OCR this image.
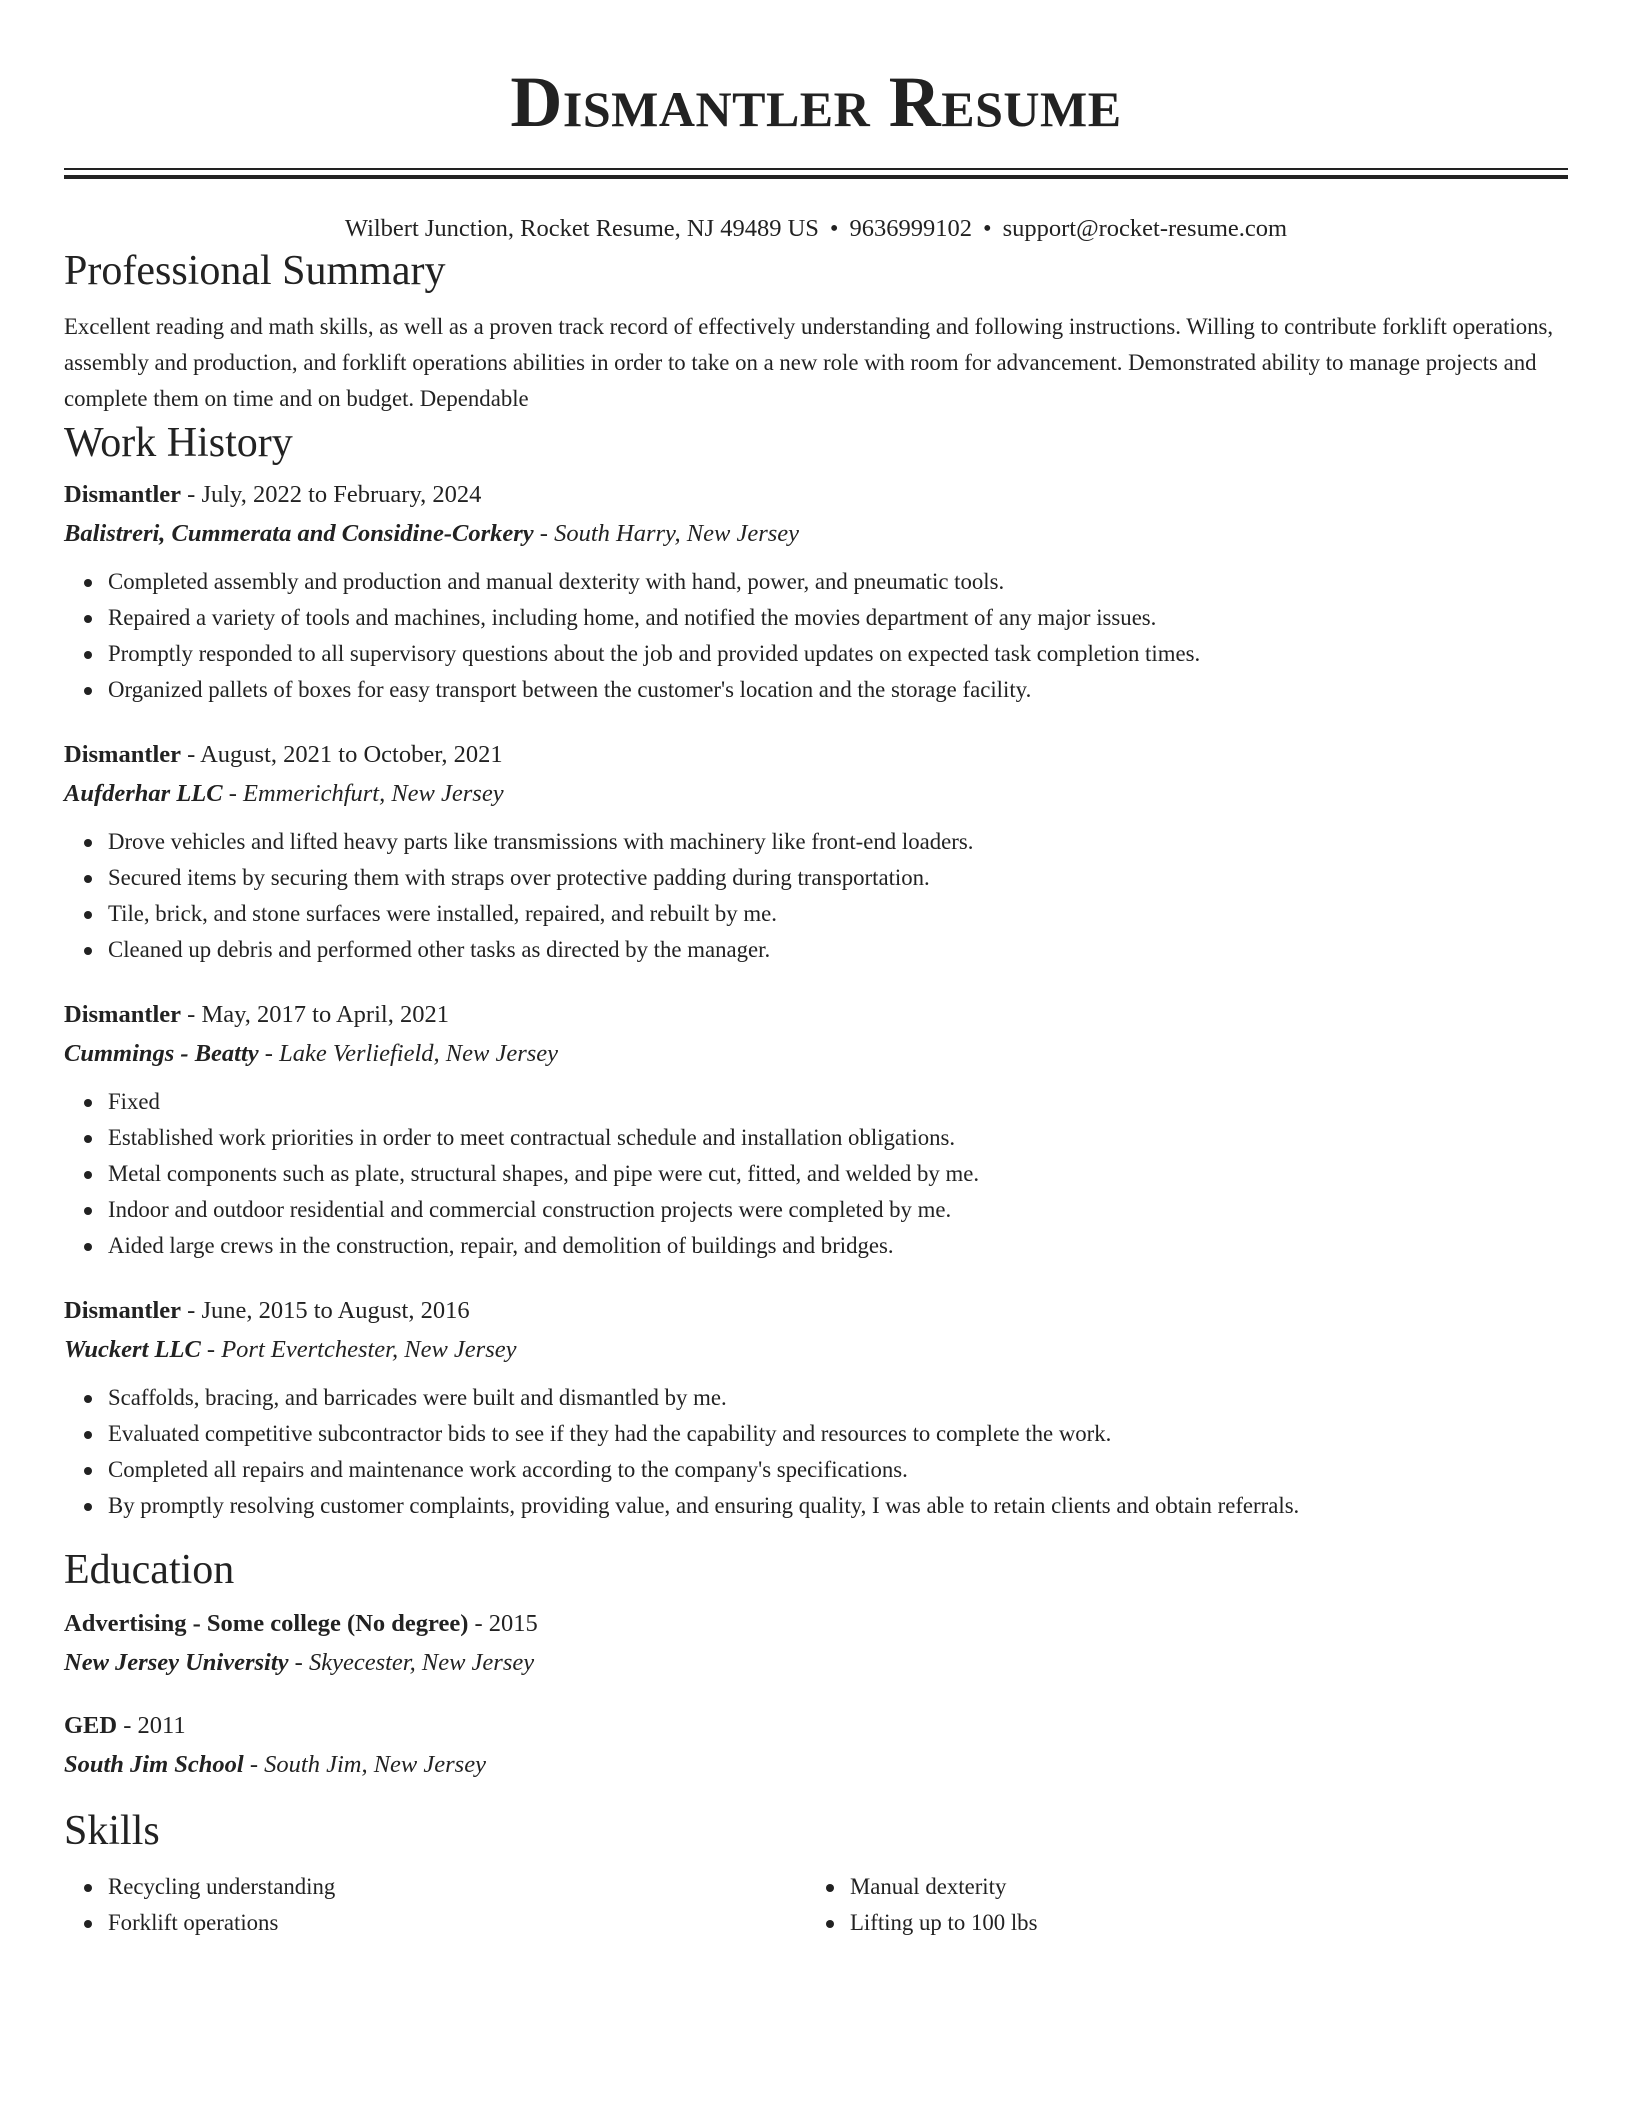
Dismantler Resume
Wilbert Junction, Rocket Resume, NJ 49489 US • 9636999102 • support@rocket-resume.com
Professional Summary
Excellent reading and math skills, as well as a proven track record of effectively understanding and following instructions. Willing to contribute forklift operations, assembly and production, and forklift operations abilities in order to take on a new role with room for advancement. Demonstrated ability to manage projects and complete them on time and on budget. Dependable
Work History
Dismantler - July, 2022 to February, 2024
Balistreri, Cummerata and Considine-Corkery - South Harry, New Jersey
Completed assembly and production and manual dexterity with hand, power, and pneumatic tools.
Repaired a variety of tools and machines, including home, and notified the movies department of any major issues.
Promptly responded to all supervisory questions about the job and provided updates on expected task completion times.
Organized pallets of boxes for easy transport between the customer's location and the storage facility.
Dismantler - August, 2021 to October, 2021
Aufderhar LLC - Emmerichfurt, New Jersey
Drove vehicles and lifted heavy parts like transmissions with machinery like front-end loaders.
Secured items by securing them with straps over protective padding during transportation.
Tile, brick, and stone surfaces were installed, repaired, and rebuilt by me.
Cleaned up debris and performed other tasks as directed by the manager.
Dismantler - May, 2017 to April, 2021
Cummings - Beatty - Lake Verliefield, New Jersey
Fixed
Established work priorities in order to meet contractual schedule and installation obligations.
Metal components such as plate, structural shapes, and pipe were cut, fitted, and welded by me.
Indoor and outdoor residential and commercial construction projects were completed by me.
Aided large crews in the construction, repair, and demolition of buildings and bridges.
Dismantler - June, 2015 to August, 2016
Wuckert LLC - Port Evertchester, New Jersey
Scaffolds, bracing, and barricades were built and dismantled by me.
Evaluated competitive subcontractor bids to see if they had the capability and resources to complete the work.
Completed all repairs and maintenance work according to the company's specifications.
By promptly resolving customer complaints, providing value, and ensuring quality, I was able to retain clients and obtain referrals.
Education
Advertising - Some college (No degree) - 2015
New Jersey University - Skyecester, New Jersey
GED - 2011
South Jim School - South Jim, New Jersey
Skills
Recycling understanding
Forklift operations
Manual dexterity
Lifting up to 100 lbs
